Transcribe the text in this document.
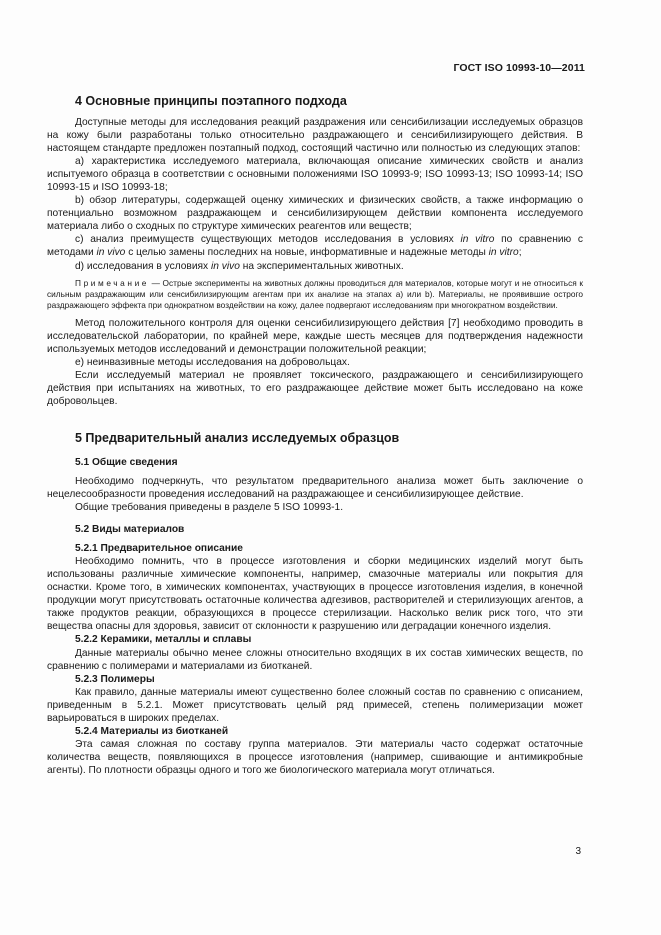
ГОСТ ISO 10993-10—2011
4 Основные принципы поэтапного подхода

Доступные методы для исследования реакций раздражения или сенсибилизации исследуемых образцов на кожу были разработаны только относительно раздражающего и сенсибилизирующего действия. В настоящем стандарте предложен поэтапный подход, состоящий частично или полностью из следующих этапов:

а) характеристика исследуемого материала, включающая описание химических свойств и анализ испытуемого образца в соответствии с основными положениями ISO 10993-9; ISO 10993-13; ISO 10993-14; ISO 10993-15 и ISO 10993-18;

b) обзор литературы, содержащей оценку химических и физических свойств, а также информацию о потенциально возможном раздражающем и сенсибилизирующем действии компонента исследуемого материала либо о сходных по структуре химических реагентов или веществ;

с) анализ преимуществ существующих методов исследования в условиях in vitro по сравнению с методами in vivo с целью замены последних на новые, информативные и надежные методы in vitro;

d) исследования в условиях in vivo на экспериментальных животных.

Примечание — Острые эксперименты на животных должны проводиться для материалов, которые могут и не относиться к сильным раздражающим или сенсибилизирующим агентам при их анализе на этапах а) или b). Материалы, не проявившие острого раздражающего эффекта при однократном воздействии на кожу, далее подвергают исследованиям при многократном воздействии.

Метод положительного контроля для оценки сенсибилизирующего действия [7] необходимо проводить в исследовательской лаборатории, по крайней мере, каждые шесть месяцев для подтверждения надежности используемых методов исследований и демонстрации положительной реакции;

е) неинвазивные методы исследования на добровольцах.

Если исследуемый материал не проявляет токсического, раздражающего и сенсибилизирующего действия при испытаниях на животных, то его раздражающее действие может быть исследовано на коже добровольцев.

5 Предварительный анализ исследуемых образцов
5.1 Общие сведения

Необходимо подчеркнуть, что результатом предварительного анализа может быть заключение о нецелесообразности проведения исследований на раздражающее и сенсибилизирующее действие.

Общие требования приведены в разделе 5 ISO 10993-1.

5.2 Виды материалов
5.2.1 Предварительное описание

Необходимо помнить, что в процессе изготовления и сборки медицинских изделий могут быть использованы различные химические компоненты, например, смазочные материалы или покрытия для оснастки. Кроме того, в химических компонентах, участвующих в процессе изготовления изделия, в конечной продукции могут присутствовать остаточные количества адгезивов, растворителей и стерилизующих агентов, а также продуктов реакции, образующихся в процессе стерилизации. Насколько велик риск того, что эти вещества опасны для здоровья, зависит от склонности к разрушению или деградации конечного изделия.

5.2.2 Керамики, металлы и сплавы

Данные материалы обычно менее сложны относительно входящих в их состав химических веществ, по сравнению с полимерами и материалами из биотканей.

5.2.3 Полимеры

Как правило, данные материалы имеют существенно более сложный состав по сравнению с описанием, приведенным в 5.2.1. Может присутствовать целый ряд примесей, степень полимеризации может варьироваться в широких пределах.

5.2.4 Материалы из биотканей

Эта самая сложная по составу группа материалов. Эти материалы часто содержат остаточные количества веществ, появляющихся в процессе изготовления (например, сшивающие и антимикробные агенты). По плотности образцы одного и того же биологического материала могут отличаться.

3
